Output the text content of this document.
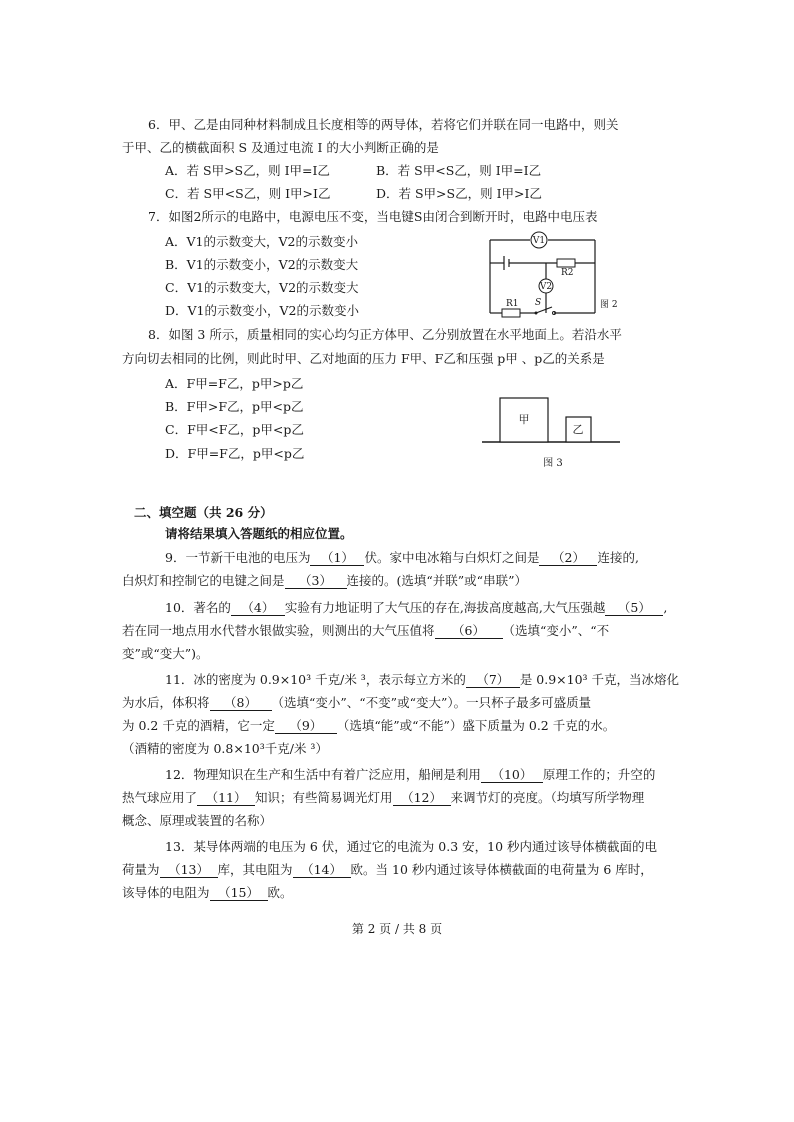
6．甲、乙是由同种材料制成且长度相等的两导体，若将它们并联在同一电路中，则关
于甲、乙的横截面积 S 及通过电流 I 的大小判断正确的是
A．若 S甲>S乙，则 I甲=I乙	B．若 S甲<S乙，则 I甲=I乙
C．若 S甲<S乙，则 I甲>I乙	D．若 S甲>S乙，则 I甲>I乙
7．如图2所示的电路中，电源电压不变，当电键S由闭合到断开时，电路中电压表
A．V1的示数变大，V2的示数变小
B．V1的示数变小，V2的示数变大
C．V1的示数变大，V2的示数变大
D．V1的示数变小，V2的示数变小
V1
V2
R1
R2
S	图 2
8．如图 3 所示，质量相同的实心均匀正方体甲、乙分别放置在水平地面上。若沿水平
方向切去相同的比例，则此时甲、乙对地面的压力 F甲、F乙和压强 p甲 、p乙的关系是
A．F甲=F乙，p甲>p乙
B．F甲>F乙，p甲<p乙
C．F甲<F乙，p甲<p乙
D．F甲=F乙，p甲<p乙
甲
乙
图 3
二、填空题（共 26 分）
请将结果填入答题纸的相应位置。
9．一节新干电池的电压为 （1） 伏。家中电冰箱与白炽灯之间是 （2） 连接的,
白炽灯和控制它的电键之间是 （3） 连接的。(选填“并联”或“串联”）
10．著名的 （4） 实验有力地证明了大气压的存在,海拔高度越高,大气压强越 （5） ,
若在同一地点用水代替水银做实验，则测出的大气压值将 （6） （选填“变小”、“不
变”或“变大”)。
11．冰的密度为 0.9×10³ 千克/米 ³，表示每立方米的 （7） 是 0.9×10³ 千克，当冰熔化
为水后，体积将 （8） （选填“变小”、“不变”或“变大”）。一只杯子最多可盛质量
为 0.2 千克的酒精，它一定 （9） （选填“能”或“不能”）盛下质量为 0.2 千克的水。
（酒精的密度为 0.8×10³千克/米 ³）
12．物理知识在生产和生活中有着广泛应用，船闸是利用 （10） 原理工作的；升空的
热气球应用了 （11） 知识；有些简易调光灯用 （12） 来调节灯的亮度。（均填写所学物理
概念、原理或装置的名称）
13．某导体两端的电压为 6 伏，通过它的电流为 0.3 安，10 秒内通过该导体横截面的电
荷量为 （13） 库，其电阻为 （14） 欧。当 10 秒内通过该导体横截面的电荷量为 6 库时，
该导体的电阻为 （15） 欧。
第 2 页 / 共 8 页
